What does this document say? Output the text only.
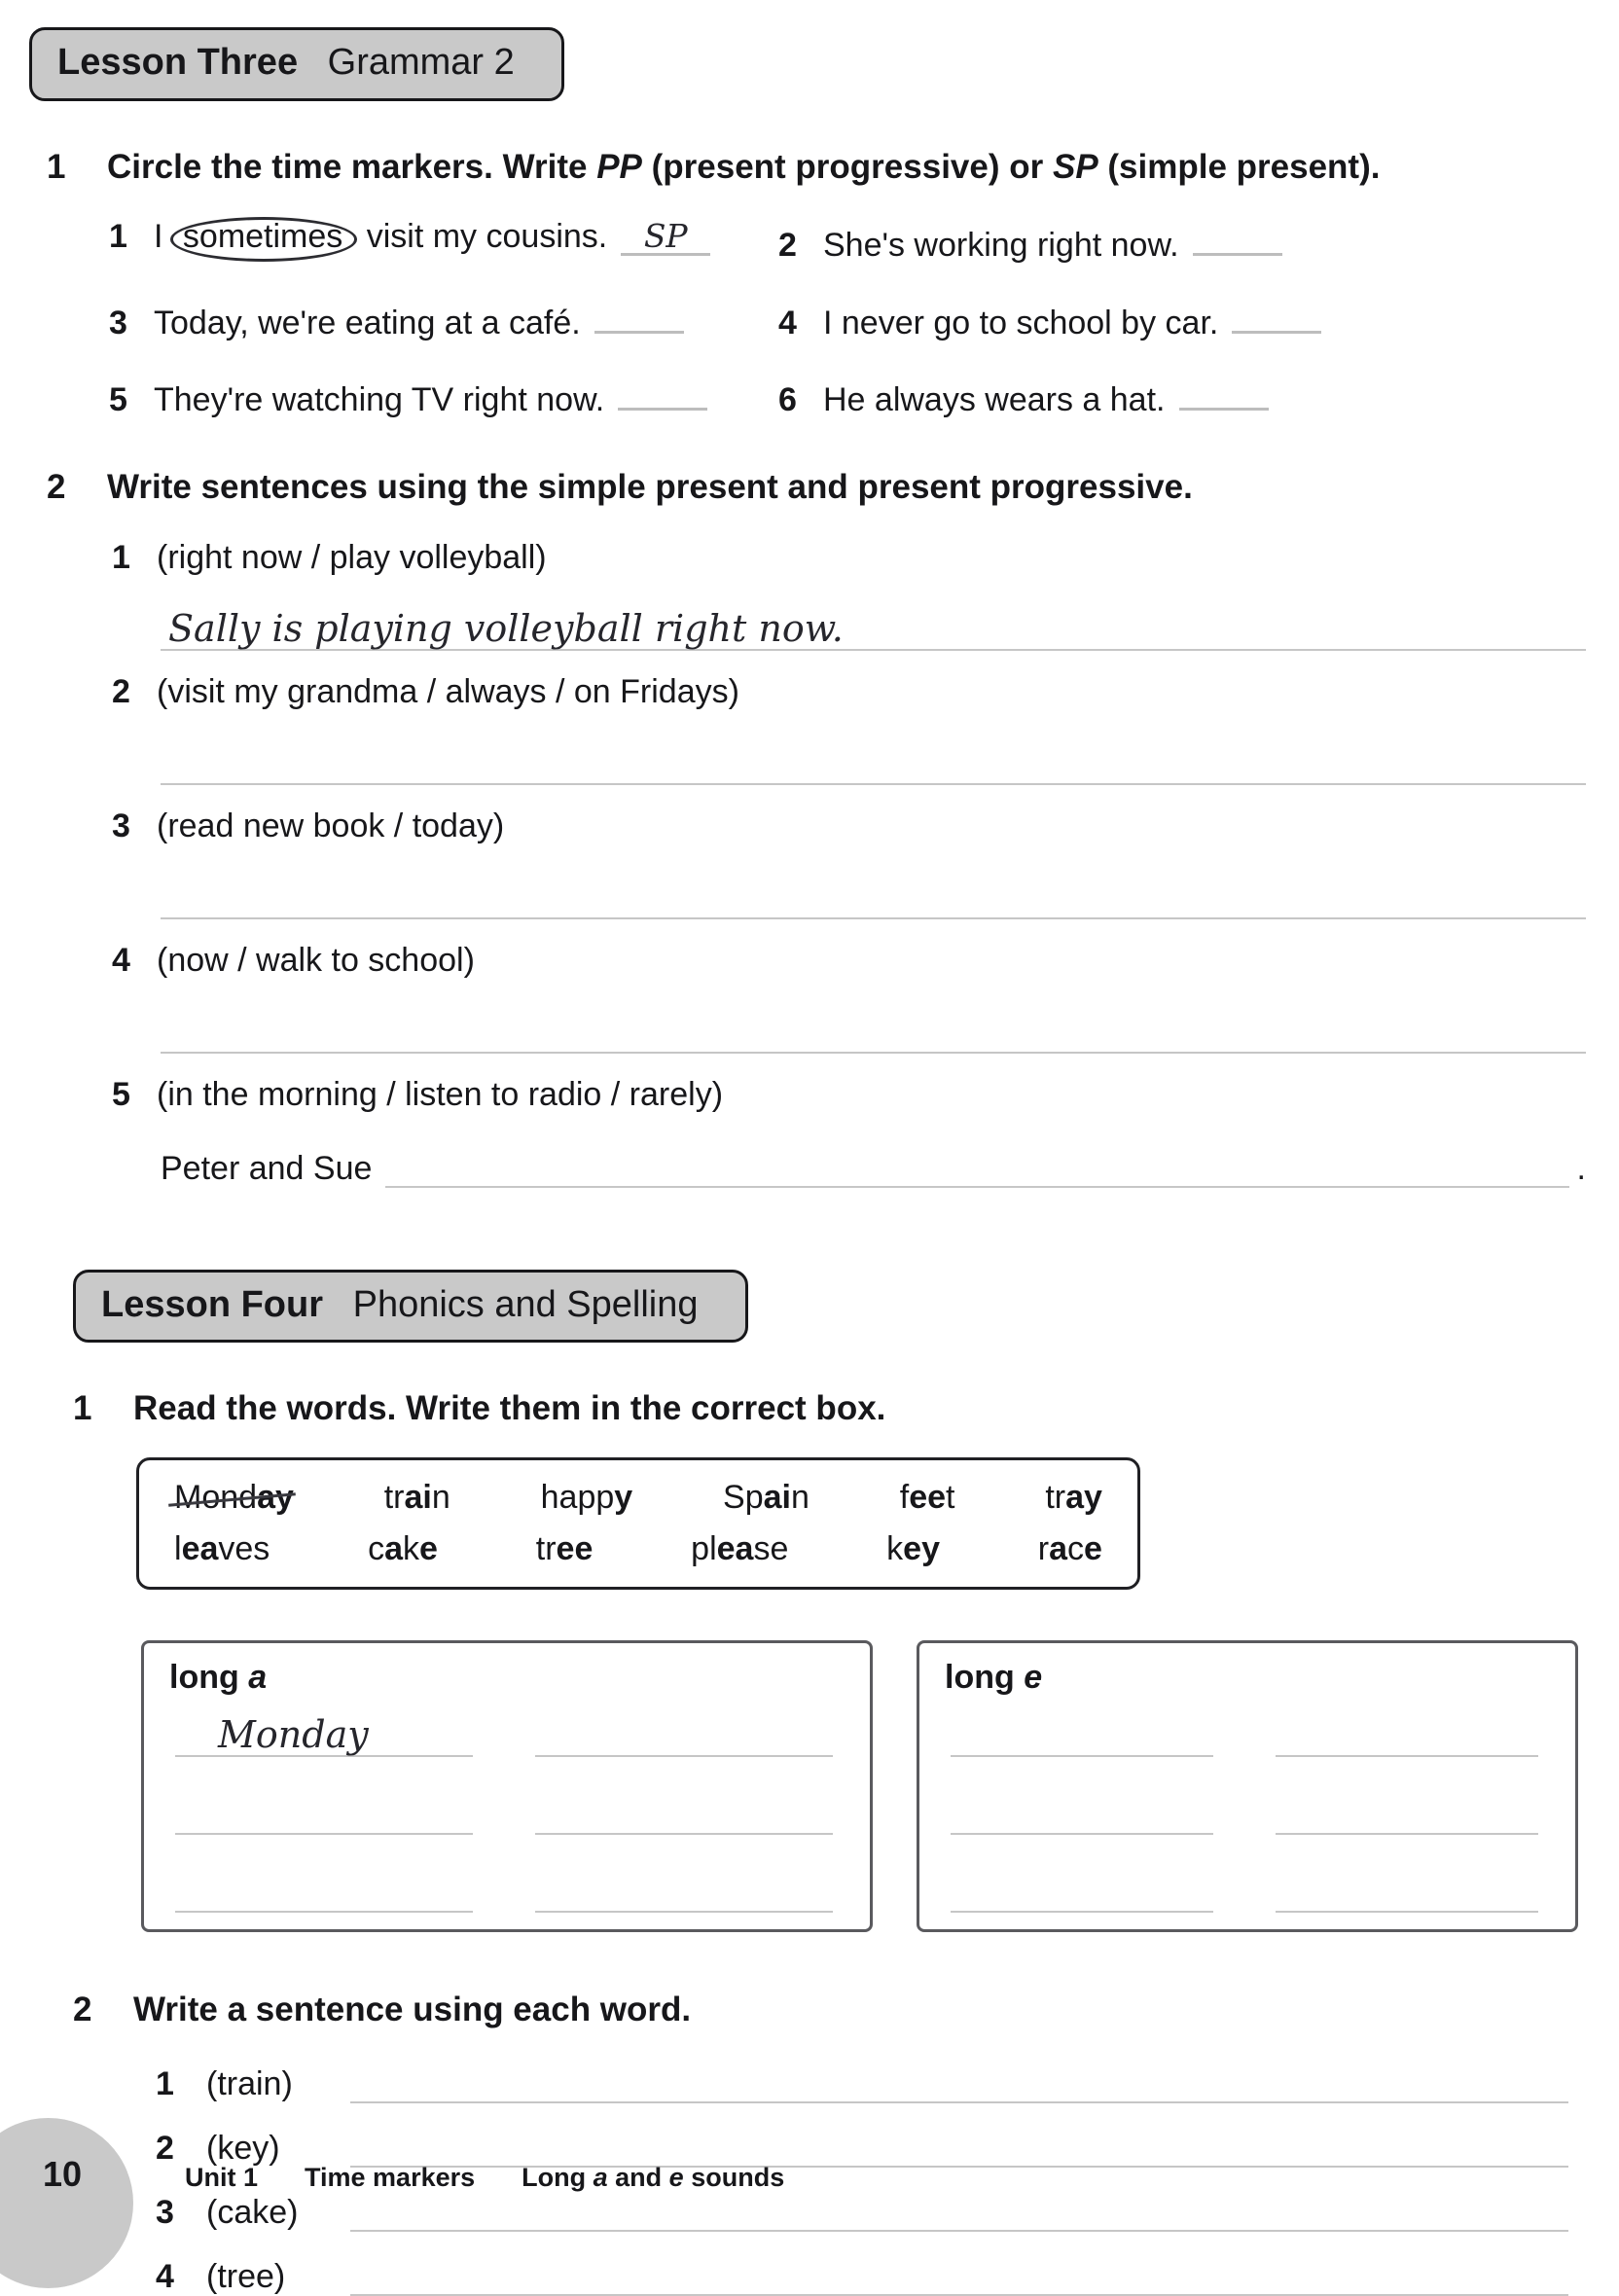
Lesson Three Grammar 2
1	Circle the time markers. Write PP (present progressive) or SP (simple present).
1 I sometimes visit my cousins.	SP	2 She's working right now.
3 Today, we're eating at a café.	4 I never go to school by car.
5 They're watching TV right now.	6 He always wears a hat.
2	Write sentences using the simple present and present progressive.
1 (right now / play volleyball)
Sally is playing volleyball right now.
2 (visit my grandma / always / on Fridays)
3 (read new book / today)
4 (now / walk to school)
5 (in the morning / listen to radio / rarely)
Peter and Sue	.
Lesson Four Phonics and Spelling
1	Read the words. Write them in the correct box.
Monday	train	happy	Spain	feet	tray
leaves	cake	tree	please	key	race
long a
Monday
long e
2	Write a sentence using each word.
1 (train)
2 (key)
3 (cake)
4 (tree)
10	Unit 1 Time markers Long a and e sounds
